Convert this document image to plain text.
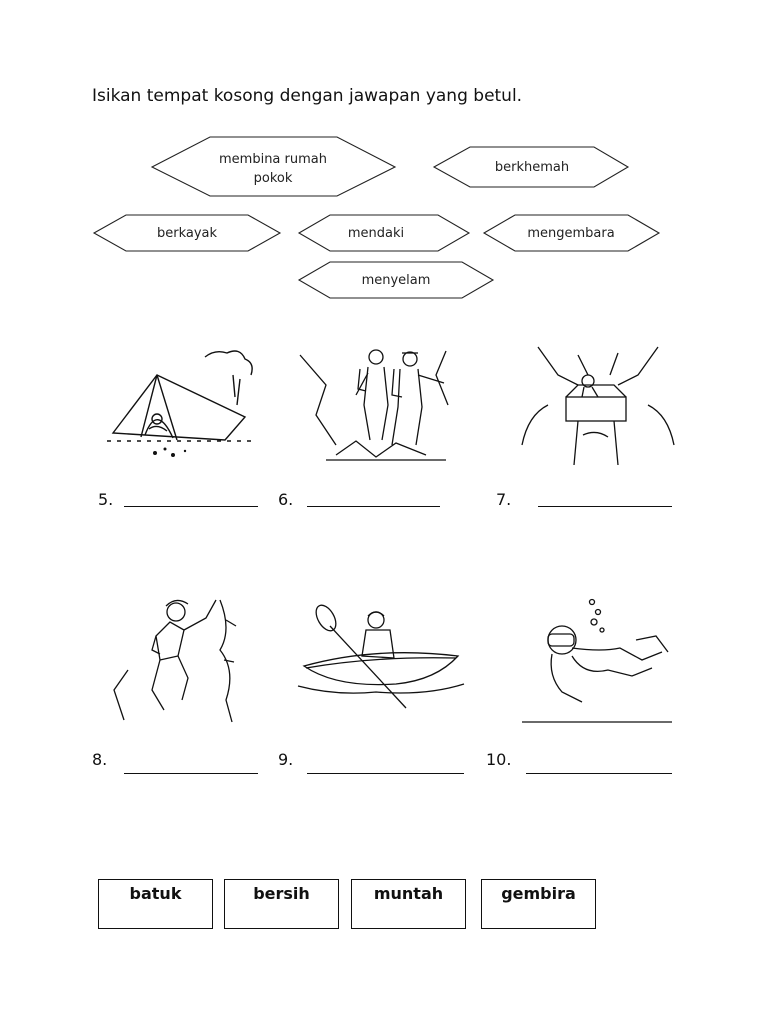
Isikan tempat kosong dengan jawapan yang betul.
membina rumah
pokok
berkhemah
berkayak	mendaki	mengembara
menyelam
5.	6.	7.
8.	9.	10.
batuk	bersih	muntah	gembira
